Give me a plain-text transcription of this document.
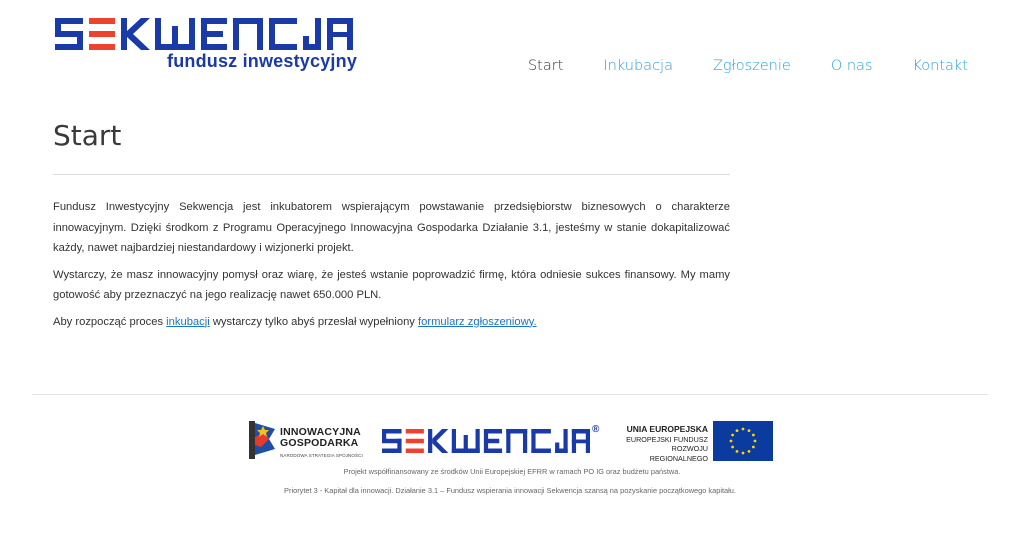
fundusz inwestycyjny	Start	Inkubacja	Zgłoszenie	O nas	Kontakt
Start

Fundusz Inwestycyjny Sekwencja jest inkubatorem wspierającym powstawanie przedsiębiorstw biznesowych o charakterze innowacyjnym. Dzięki środkom z Programu Operacyjnego Innowacyjna Gospodarka Działanie 3.1, jesteśmy w stanie dokapitalizować każdy, nawet najbardziej niestandardowy i wizjonerki projekt.

Wystarczy, że masz innowacyjny pomysł oraz wiarę, że jesteś wstanie poprowadzić firmę, która odniesie sukces finansowy. My mamy gotowość aby przeznaczyć na jego realizację nawet 650.000 PLN.

Aby rozpocząć proces inkubacji wystarczy tylko abyś przesłał wypełniony formularz zgłoszeniowy.

INNOWACYJNA
GOSPODARKA
NARODOWA STRATEGIA SPÓJNOŚCI
®	UNIA EUROPEJSKA
EUROPEJSKI FUNDUSZ
ROZWOJU REGIONALNEGO
Projekt współfinansowany ze środków Unii Europejskiej EFRR w ramach PO IG oraz budżetu państwa.
Priorytet 3 - Kapitał dla innowacji. Działanie 3.1 – Fundusz wspierania innowacji Sekwencja szansą na pozyskanie początkowego kapitału.
